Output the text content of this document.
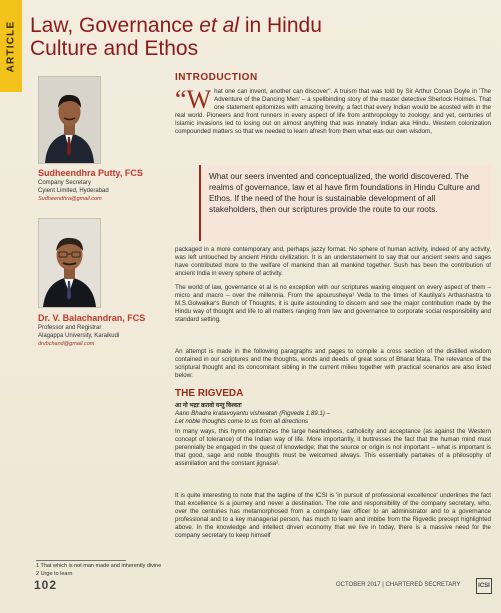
ARTICLE Law, Governance et al in Hindu
Culture and Ethos

Sudheendhra Putty, FCS

Company Secretary

Cyient Limited, Hyderabad

Sudheendhra@gmail.com

Dr. V. Balachandran, FCS

Professor and Registrar

Alagappa University, Karaikudi

drvbchand@gmail.com

INTRODUCTION
“W hat one can invent, another can discover". A truism that was told by Sir Arthur Conan Doyle in 'The Adventure of the Dancing Men' – a spellbinding story of the master detective Sherlock Holmes. That one statement epitomizes with amazing brevity, a fact that every Indian would be acosted with in the real world. Pioneers and front runners in every aspect of life from anthropology to zoology; and yet, centuries of Islamic invasions led to losing out on almost anything that was innately Indian aka Hindu. Western colonization compounded matters so that we needed to learn afresh from them what was our own wisdom,

What our seers invented and conceptualized, the world discovered. The realms of governance, law et al have firm foundations in Hindu Culture and Ethos. If the need of the hour is sustainable development of all stakeholders, then our scriptures provide the route to our roots.

packaged in a more contemporary and, perhaps jazzy format. No sphere of human activity, indeed of any activity, was left untouched by ancient Hindu civilization. It is an understatement to say that our ancient seers and sages have contributed more to the welfare of mankind than all mankind together. Sush has been the contribution of ancient India in every sphere of activity.

The world of law, governance et al is no exception with our scriptures waxing eloquent on every aspect of them – micro and macro – over the millennia. From the apourusheya¹ Veda to the times of Kautilya's Arthashastra to M.S.Golwalkar's Bunch of Thoughts, it is quite astounding to discern and see the major contribution made by the Hindu way of thought and life to all matters ranging from law and governance to corporate social responsibility and standard setting.

An attempt is made in the following paragraphs and pages to compile a cross section of the distilled wisdom contained in our scriptures and the thoughts, words and deeds of great sons of Bharat Mata. The relevance of the scriptural thought and its concomitant sibling in the current milieu together with practical scenarios are also listed below:

THE RIGVEDA

आ नो भद्राः क्रतवो यन्तु विश्वतः

Aano Bhadra kratavoyantu vishwatah (Rigveda 1.89.1) –

Let noble thoughts come to us from all directions

In many ways, this hymn epitomizes the large heartedness, catholicity and acceptance (as against the Western concept of tolerance) of the Indian way of life. More importantly, it buttresses the fact that the human mind must perennially be engaged in the quest of knowledge; that the source or origin is not important – what is important is that good, sage and noble thoughts must be welcomed always. This essentially partakes of a philosophy of assimilation and the constant jignasa².

It is quite interesting to note that the tagline of the ICSI is 'in pursuit of professional excellence' underlines the fact that excellence is a journey and never a destination. The role and responsibility of the company secretary, who, over the centuries has metamorphosed from a company law officer to an administrator and to a governance professional and to a key managerial person, has much to learn and imbibe from the Rigvedic precept highlighted above. In the knowledge and intellect driven economy that we live in today, there is a massive need for the company secretary to keep himself

1 That which is not man made and inherently divine

2 Urge to learn

102	OCTOBER 2017 | CHARTERED SECRETARY	ICSI
